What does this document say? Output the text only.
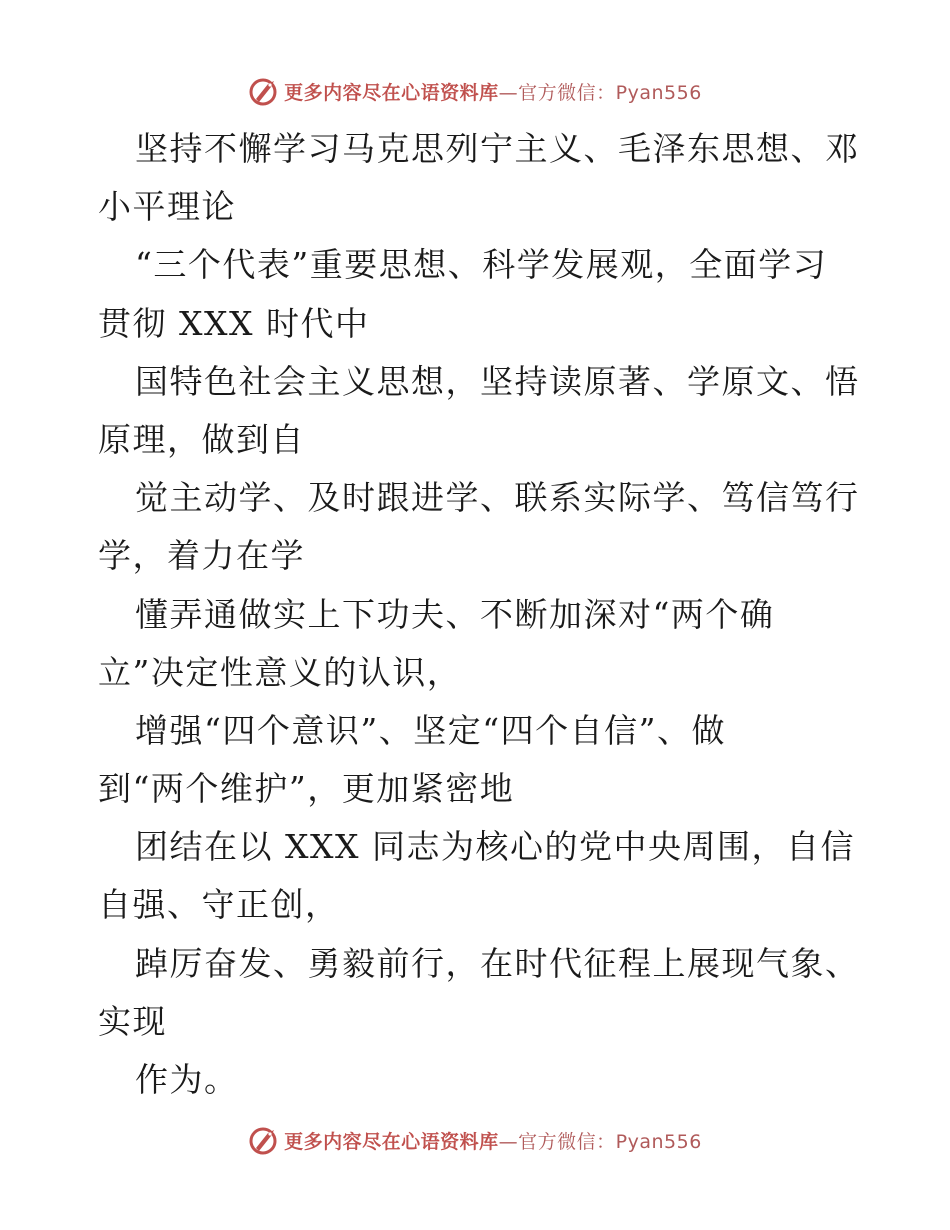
更多内容尽在心语资料库 —官方微信：Pyan556
坚持不懈学习马克思列宁主义、毛泽东思想、邓
小平理论
“三个代表”重要思想、科学发展观，全面学习
贯彻 XXX 时代中
国特色社会主义思想，坚持读原著、学原文、悟
原理，做到自
觉主动学、及时跟进学、联系实际学、笃信笃行
学，着力在学
懂弄通做实上下功夫、不断加深对“两个确
立”决定性意义的认识，
增强“四个意识”、坚定“四个自信”、做
到“两个维护”，更加紧密地
团结在以 XXX 同志为核心的党中央周围，自信
自强、守正创，
踔厉奋发、勇毅前行，在时代征程上展现气象、
实现
作为。
更多内容尽在心语资料库 —官方微信：Pyan556
